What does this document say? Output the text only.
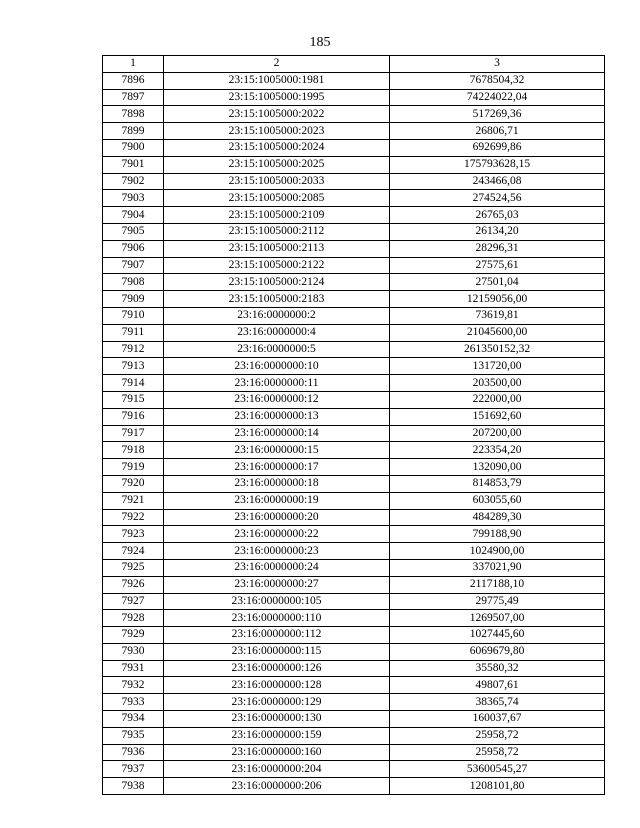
185
1	2	3
7896	23:15:1005000:1981	7678504,32
7897	23:15:1005000:1995	74224022,04
7898	23:15:1005000:2022	517269,36
7899	23:15:1005000:2023	26806,71
7900	23:15:1005000:2024	692699,86
7901	23:15:1005000:2025	175793628,15
7902	23:15:1005000:2033	243466,08
7903	23:15:1005000:2085	274524,56
7904	23:15:1005000:2109	26765,03
7905	23:15:1005000:2112	26134,20
7906	23:15:1005000:2113	28296,31
7907	23:15:1005000:2122	27575,61
7908	23:15:1005000:2124	27501,04
7909	23:15:1005000:2183	12159056,00
7910	23:16:0000000:2	73619,81
7911	23:16:0000000:4	21045600,00
7912	23:16:0000000:5	261350152,32
7913	23:16:0000000:10	131720,00
7914	23:16:0000000:11	203500,00
7915	23:16:0000000:12	222000,00
7916	23:16:0000000:13	151692,60
7917	23:16:0000000:14	207200,00
7918	23:16:0000000:15	223354,20
7919	23:16:0000000:17	132090,00
7920	23:16:0000000:18	814853,79
7921	23:16:0000000:19	603055,60
7922	23:16:0000000:20	484289,30
7923	23:16:0000000:22	799188,90
7924	23:16:0000000:23	1024900,00
7925	23:16:0000000:24	337021,90
7926	23:16:0000000:27	2117188,10
7927	23:16:0000000:105	29775,49
7928	23:16:0000000:110	1269507,00
7929	23:16:0000000:112	1027445,60
7930	23:16:0000000:115	6069679,80
7931	23:16:0000000:126	35580,32
7932	23:16:0000000:128	49807,61
7933	23:16:0000000:129	38365,74
7934	23:16:0000000:130	160037,67
7935	23:16:0000000:159	25958,72
7936	23:16:0000000:160	25958,72
7937	23:16:0000000:204	53600545,27
7938	23:16:0000000:206	1208101,80
